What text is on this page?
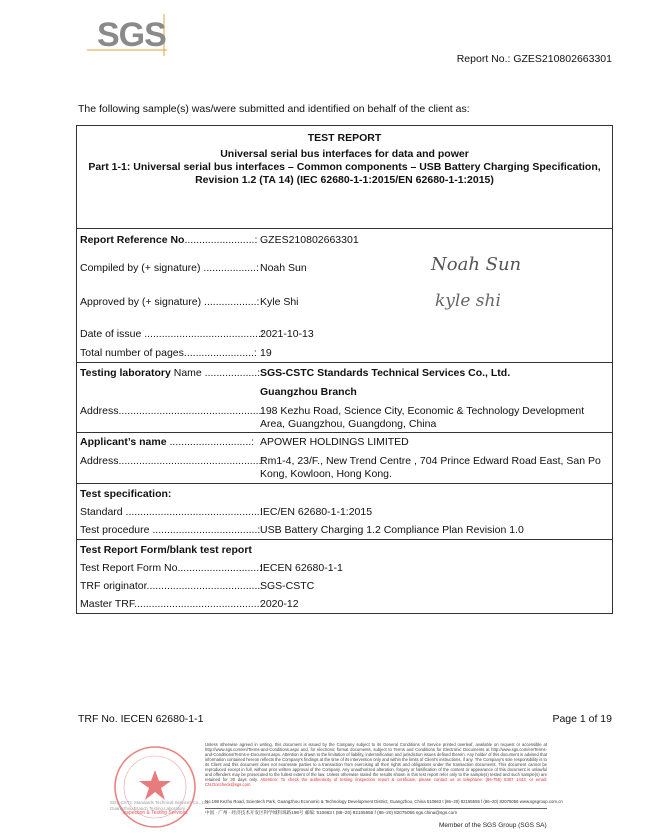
SGS
Report No.: GZES210802663301
The following sample(s) was/were submitted and identified on behalf of the client as:
TEST REPORT
Universal serial bus interfaces for data and power
Part 1-1: Universal serial bus interfaces – Common components – USB Battery Charging Specification,
Revision 1.2 (TA 14) (IEC 62680-1-1:2015/EN 62680-1-1:2015)
Report Reference No........................: GZES210802663301
Compiled by (+ signature) ..................: Noah Sun	Noah Sun
Approved by (+ signature) ..................: Kyle Shi	kyle shi
Date of issue ........................................:
2021-10-13
Total number of pages........................: 19
Testing laboratory Name ..................: SGS-CSTC Standards Technical Services Co., Ltd.
Guangzhou Branch
Address.................................................:
198 Kezhu Road, Science City, Economic & Technology Development Area, Guangzhou, Guangdong, China
Applicant’s name ............................: APOWER HOLDINGS LIMITED
Address.................................................:
Rm1-4, 23/F., New Trend Centre , 704 Prince Edward Road East, San Po Kong, Kowloon, Hong Kong.
Test specification:
Standard ..............................................:
IEC/EN 62680-1-1:2015
Test procedure ....................................: USB Battery Charging 1.2 Compliance Plan Revision 1.0
Test Report Form/blank test report
Test Report Form No............................:
IECEN 62680-1-1
TRF originator.......................................:
SGS-CSTC
Master TRF...........................................:
2020-12
TRF No. IECEN 62680-1-1	Page 1 of 19
Inspection & Testing Services
SGS-CSTC Standards Technical Services Co., Ltd.
Guangzhou Branch Testing Laboratory
Unless otherwise agreed in writing, this document is issued by the Company subject to its General Conditions of Service printed overleaf, available on request or accessible at http://www.sgs.com/en/Terms-and-Conditions.aspx and, for electronic format documents, subject to Terms and Conditions for Electronic Documents at http://www.sgs.com/en/Terms-and-Conditions/Terms-e-Document.aspx. Attention is drawn to the limitation of liability, indemnification and jurisdiction issues defined therein. Any holder of this document is advised that information contained hereon reflects the Company's findings at the time of its intervention only and within the limits of Client's instructions, if any. The Company's sole responsibility is to its Client and this document does not exonerate parties to a transaction from exercising all their rights and obligations under the transaction documents. This document cannot be reproduced except in full, without prior written approval of the Company. Any unauthorized alteration, forgery or falsification of the content or appearance of this document is unlawful and offenders may be prosecuted to the fullest extent of the law. Unless otherwise stated the results shown in this test report refer only to the sample(s) tested and such sample(s) are retained for 30 days only. Attention: To check the authenticity of testing /inspection report & certificate, please contact us at telephone: (86-755) 8307 1443, or email: CN.Doccheck@sgs.com
No.198 Kezhu Road, Scientech Park, Guangzhou Economic & Technology Development District, Guangzhou, China 510663 t (86–20) 82155555 f (86–20) 82075056 www.sgsgroup.com.cn
中国 · 广州 · 经济技术开发区科学城科珠路198号 邮编: 510663 t (86–20) 82155555 f (86–20) 82075056 sgs.china@sgs.com
Member of the SGS Group (SGS SA)
